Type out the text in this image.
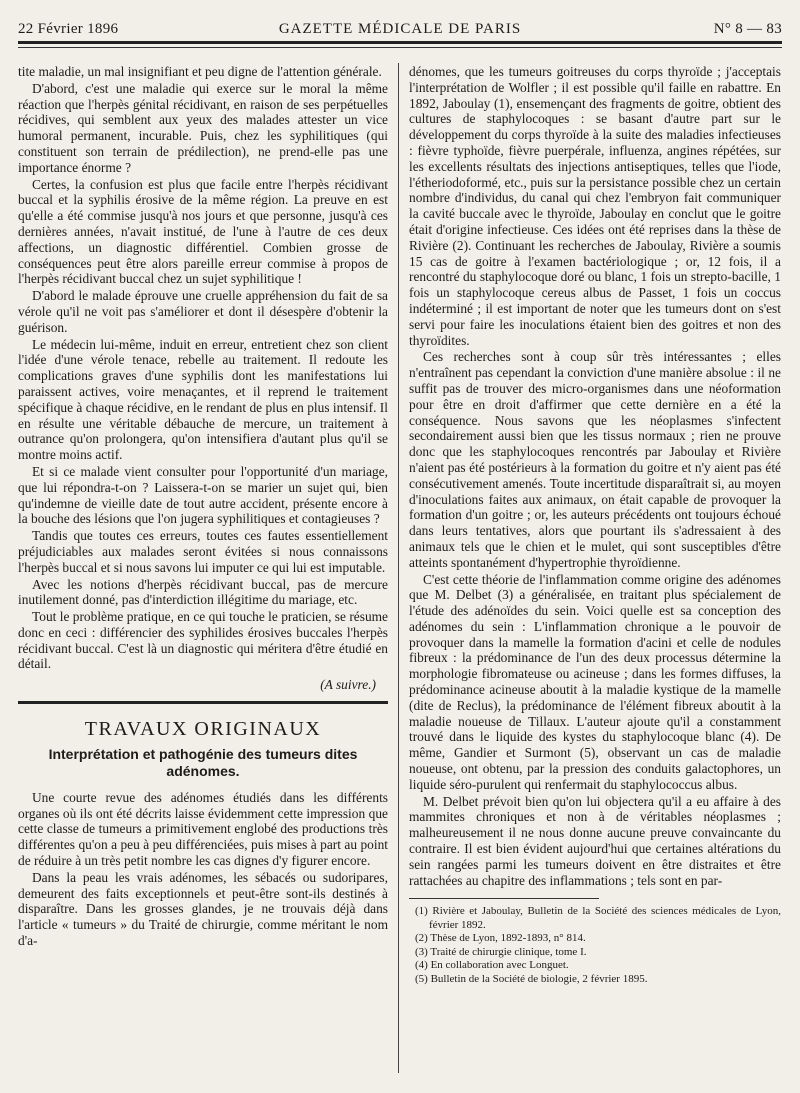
22 Février 1896	GAZETTE MÉDICALE DE PARIS	N° 8 — 83

tite maladie, un mal insignifiant et peu digne de l'attention générale.

D'abord, c'est une maladie qui exerce sur le moral la même réaction que l'herpès génital récidivant, en raison de ses perpétuelles récidives, qui semblent aux yeux des malades attester un vice humoral permanent, incurable. Puis, chez les syphilitiques (qui constituent son terrain de prédilection), ne prend-elle pas une importance énorme ?

Certes, la confusion est plus que facile entre l'herpès récidivant buccal et la syphilis érosive de la même région. La preuve en est qu'elle a été commise jusqu'à nos jours et que personne, jusqu'à ces dernières années, n'avait institué, de l'une à l'autre de ces deux affections, un diagnostic différentiel. Combien grosse de conséquences peut être alors pareille erreur commise à propos de l'herpès récidivant buccal chez un sujet syphilitique !

D'abord le malade éprouve une cruelle appréhension du fait de sa vérole qu'il ne voit pas s'améliorer et dont il désespère d'obtenir la guérison.

Le médecin lui-même, induit en erreur, entretient chez son client l'idée d'une vérole tenace, rebelle au traitement. Il redoute les complications graves d'une syphilis dont les manifestations lui paraissent actives, voire menaçantes, et il reprend le traitement spécifique à chaque récidive, en le rendant de plus en plus intensif. Il en résulte une véritable débauche de mercure, un traitement à outrance qu'on prolongera, qu'on intensifiera d'autant plus qu'il se montre moins actif.

Et si ce malade vient consulter pour l'opportunité d'un mariage, que lui répondra-t-on ? Laissera-t-on se marier un sujet qui, bien qu'indemne de vieille date de tout autre accident, présente encore à la bouche des lésions que l'on jugera syphilitiques et contagieuses ?

Tandis que toutes ces erreurs, toutes ces fautes essentiellement préjudiciables aux malades seront évitées si nous connaissons l'herpès buccal et si nous savons lui imputer ce qui lui est imputable.

Avec les notions d'herpès récidivant buccal, pas de mercure inutilement donné, pas d'interdiction illégitime du mariage, etc.

Tout le problème pratique, en ce qui touche le praticien, se résume donc en ceci : différencier des syphilides érosives buccales l'herpès récidivant buccal. C'est là un diagnostic qui méritera d'être étudié en détail.

(A suivre.)
TRAVAUX ORIGINAUX
Interprétation et pathogénie des tumeurs dites adénomes.

Une courte revue des adénomes étudiés dans les différents organes où ils ont été décrits laisse évidemment cette impression que cette classe de tumeurs a primitivement englobé des productions très différentes qu'on a peu à peu différenciées, puis mises à part au point de réduire à un très petit nombre les cas dignes d'y figurer encore.

Dans la peau les vrais adénomes, les sébacés ou sudoripares, demeurent des faits exceptionnels et peut-être sont-ils destinés à disparaître. Dans les grosses glandes, je ne trouvais déjà dans l'article « tumeurs » du Traité de chirurgie, comme méritant le nom d'a-

dénomes, que les tumeurs goitreuses du corps thyroïde ; j'acceptais l'interprétation de Wolfler ; il est possible qu'il faille en rabattre. En 1892, Jaboulay (1), ensemençant des fragments de goitre, obtient des cultures de staphylocoques : se basant d'autre part sur le développement du corps thyroïde à la suite des maladies infectieuses : fièvre typhoïde, fièvre puerpérale, influenza, angines répétées, sur les excellents résultats des injections antiseptiques, telles que l'iode, l'étheriodoformé, etc., puis sur la persistance possible chez un certain nombre d'individus, du canal qui chez l'embryon fait communiquer la cavité buccale avec le thyroïde, Jaboulay en conclut que le goitre était d'origine infectieuse. Ces idées ont été reprises dans la thèse de Rivière (2). Continuant les recherches de Jaboulay, Rivière a soumis 15 cas de goitre à l'examen bactériologique ; or, 12 fois, il a rencontré du staphylocoque doré ou blanc, 1 fois un strepto-bacille, 1 fois un staphylocoque cereus albus de Passet, 1 fois un coccus indéterminé ; il est important de noter que les tumeurs dont on s'est servi pour faire les inoculations étaient bien des goitres et non des thyroïdites.

Ces recherches sont à coup sûr très intéressantes ; elles n'entraînent pas cependant la conviction d'une manière absolue : il ne suffit pas de trouver des micro-organismes dans une néoformation pour être en droit d'affirmer que cette dernière en a été la conséquence. Nous savons que les néoplasmes s'infectent secondairement aussi bien que les tissus normaux ; rien ne prouve donc que les staphylocoques rencontrés par Jaboulay et Rivière n'aient pas été postérieurs à la formation du goitre et n'y aient pas été consécutivement amenés. Toute incertitude disparaîtrait si, au moyen d'inoculations faites aux animaux, on était capable de provoquer la formation d'un goitre ; or, les auteurs précédents ont toujours échoué dans leurs tentatives, alors que pourtant ils s'adressaient à des animaux tels que le chien et le mulet, qui sont susceptibles d'être atteints spontanément d'hypertrophie thyroïdienne.

C'est cette théorie de l'inflammation comme origine des adénomes que M. Delbet (3) a généralisée, en traitant plus spécialement de l'étude des adénoïdes du sein. Voici quelle est sa conception des adénomes du sein : L'inflammation chronique a le pouvoir de provoquer dans la mamelle la formation d'acini et celle de nodules fibreux : la prédominance de l'un des deux processus détermine la morphologie fibromateuse ou acineuse ; dans les formes diffuses, la prédominance acineuse aboutit à la maladie kystique de la mamelle (dite de Reclus), la prédominance de l'élément fibreux aboutit à la maladie noueuse de Tillaux. L'auteur ajoute qu'il a constamment trouvé dans le liquide des kystes du staphylocoque blanc (4). De même, Gandier et Surmont (5), observant un cas de maladie noueuse, ont obtenu, par la pression des conduits galactophores, un liquide séro-purulent qui renfermait du staphylococcus albus.

M. Delbet prévoit bien qu'on lui objectera qu'il a eu affaire à des mammites chroniques et non à de véritables néoplasmes ; malheureusement il ne nous donne aucune preuve convaincante du contraire. Il est bien évident aujourd'hui que certaines altérations du sein rangées parmi les tumeurs doivent en être distraites et être rattachées au chapitre des inflammations ; tels sont en par-

(1) Rivière et Jaboulay, Bulletin de la Société des sciences médicales de Lyon, février 1892.
(2) Thèse de Lyon, 1892-1893, n° 814.
(3) Traité de chirurgie clinique, tome I.
(4) En collaboration avec Longuet.
(5) Bulletin de la Société de biologie, 2 février 1895.
